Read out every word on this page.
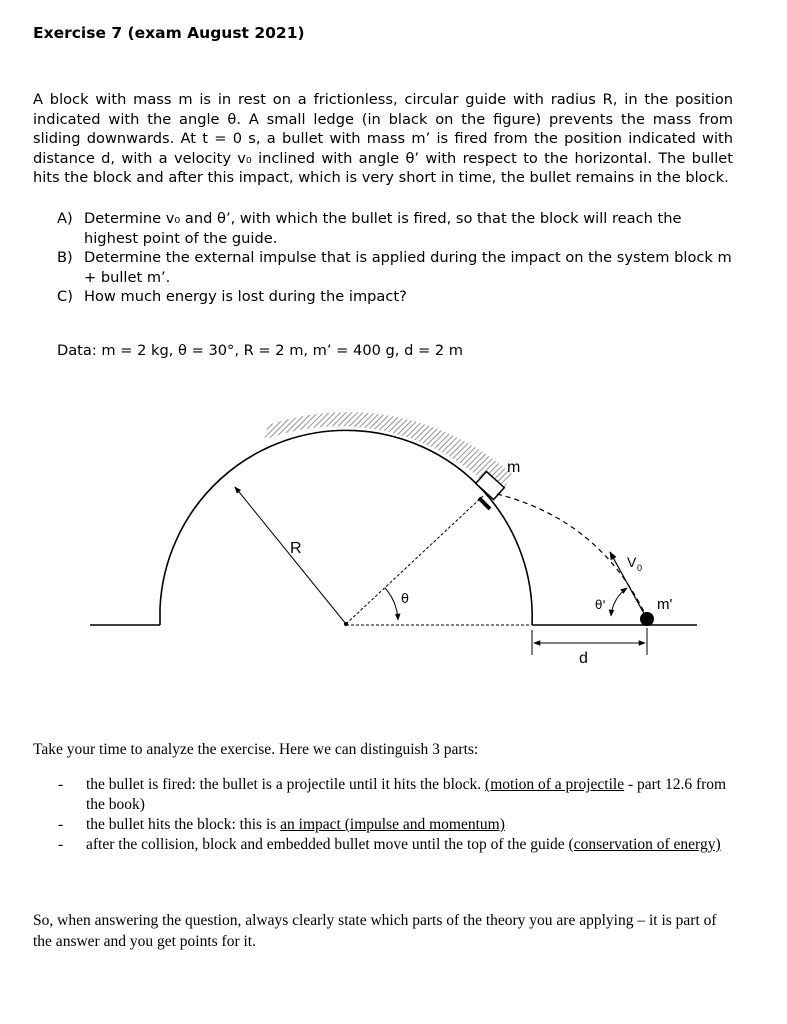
Exercise 7 (exam August 2021)
A block with mass m is in rest on a frictionless, circular guide with radius R, in the position indicated with the angle θ. A small ledge (in black on the figure) prevents the mass from sliding downwards. At t = 0 s, a bullet with mass m’ is fired from the position indicated with distance d, with a velocity v₀ inclined with angle θ’ with respect to the horizontal. The bullet hits the block and after this impact, which is very short in time, the bullet remains in the block.
A) Determine v₀ and θ’, with which the bullet is fired, so that the block will reach the highest point of the guide.
B) Determine the external impulse that is applied during the impact on the system block m + bullet m’.
C) How much energy is lost during the impact?
Data: m = 2 kg, θ = 30°, R = 2 m, m’ = 400 g, d = 2 m
R
θ
m
m'
V 0
θ'
d
Take your time to analyze the exercise. Here we can distinguish 3 parts:
-	the bullet is fired: the bullet is a projectile until it hits the block. (motion of a projectile - part 12.6 from the book)
-	the bullet hits the block: this is an impact (impulse and momentum)
-	after the collision, block and embedded bullet move until the top of the guide (conservation of energy)
So, when answering the question, always clearly state which parts of the theory you are applying – it is part of the answer and you get points for it.
